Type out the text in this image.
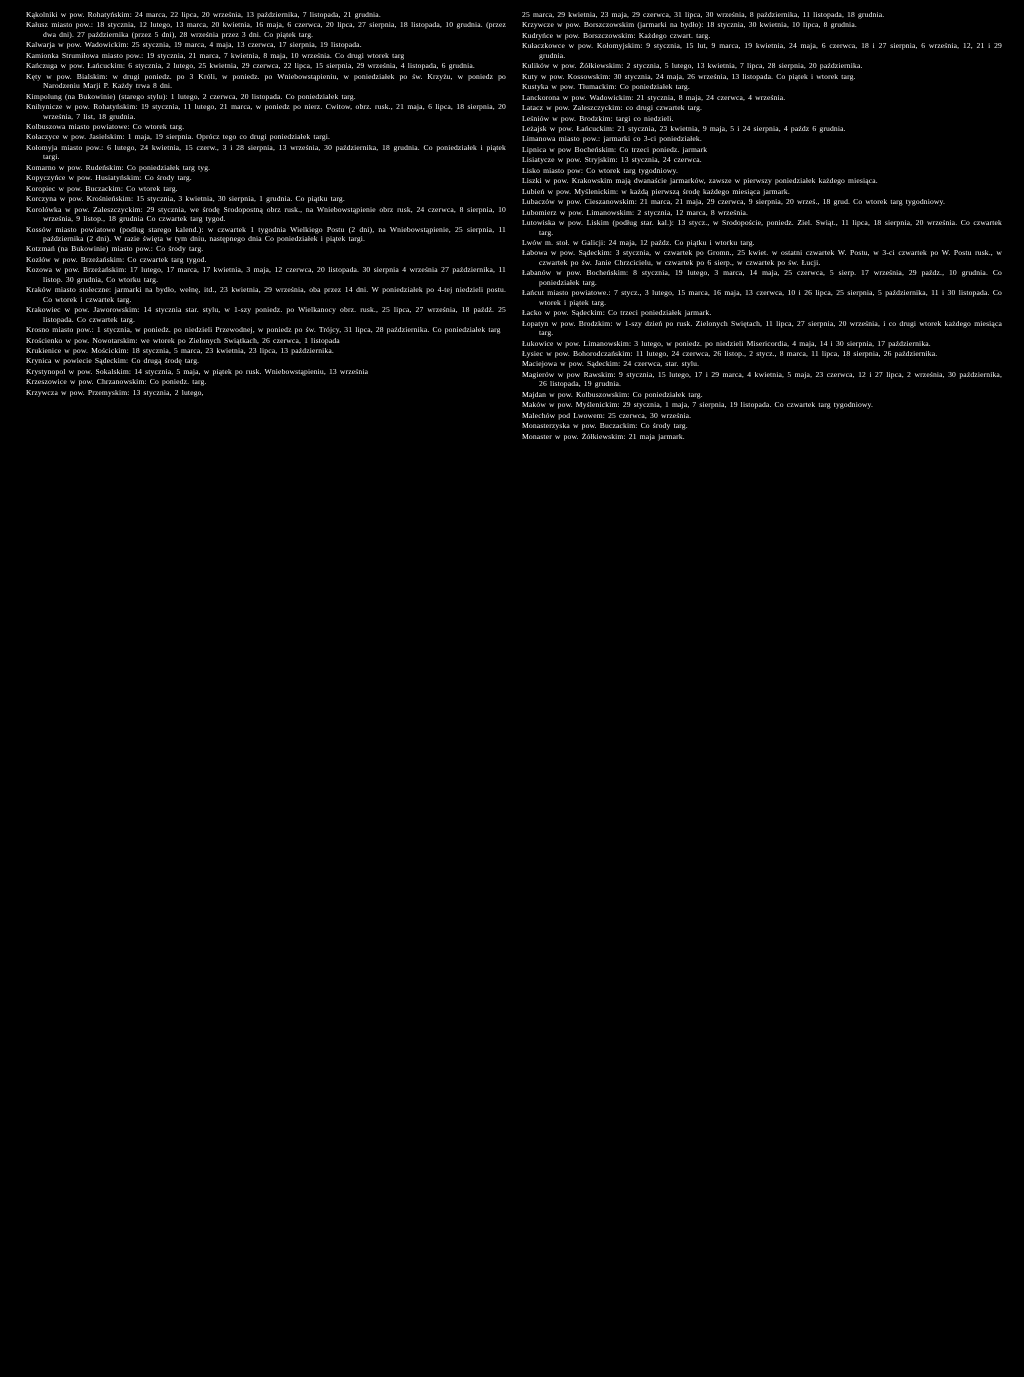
Kąkolniki w pow. Rohatyńskim: 24 marca, 22 lipca, 20 września, 13 października, 7 listopada, 21 grudnia.

Kałusz miasto pow.: 18 stycznia, 12 lutego, 13 marca, 20 kwietnia, 16 maja, 6 czerwca, 20 lipca, 27 sierpnia, 18 listopada, 10 grudnia. (przez dwa dni). 27 października (przez 5 dni), 28 września przez 3 dni. Co piątek targ.

Kalwarja w pow. Wadowickim: 25 stycznia, 19 marca, 4 maja, 13 czerwca, 17 sierpnia, 19 listopada.

Kamionka Strumiłowa miasto pow.: 19 stycznia, 21 marca, 7 kwietnia, 8 maja, 10 września. Co drugi wtorek targ

Kańczuga w pow. Łańcuckim: 6 stycznia, 2 lutego, 25 kwietnia, 29 czerwca, 22 lipca, 15 sierpnia, 29 września, 4 listopada, 6 grudnia.

Kęty w pow. Bialskim: w drugi poniedz. po 3 Króli, w poniedz. po Wniebowstąpieniu, w poniedziałek po św. Krzyżu, w poniedz po Narodzeniu Marji P. Każdy trwa 8 dni.

Kimpolung (na Bukowinie) (starego stylu): 1 lutego, 2 czerwca, 20 listopada. Co poniedziałek targ.

Knihynicze w pow. Rohatyńskim: 19 stycznia, 11 lutego, 21 marca, w poniedz po nierz. Cwitow, obrz. rusk., 21 maja, 6 lipca, 18 sierpnia, 20 września, 7 list, 18 grudnia.

Kolbuszowa miasto powiatowe: Co wtorek targ.

Kołaczyce w pow. Jasielskim: 1 maja, 19 sierpnia. Oprócz tego co drugi poniedziałek targi.

Kołomyja miasto pow.: 6 lutego, 24 kwietnia, 15 czerw., 3 i 28 sierpnia, 13 września, 30 października, 18 grudnia. Co poniedziałek i piątek targi.

Komarno w pow. Rudeńskim: Co poniedziałek targ tyg.

Kopyczyńce w pow. Husiatyńskim: Co środy targ.

Koropiec w pow. Buczackim: Co wtorek targ.

Korczyna w pow. Krośnieńskim: 15 stycznia, 3 kwietnia, 30 sierpnia, 1 grudnia. Co piątku targ.

Korolówka w pow. Zaleszczyckim: 29 stycznia, we środę Srodopostną obrz rusk., na Wniebowstąpienie obrz rusk, 24 czerwca, 8 sierpnia, 10 września, 9 listop., 18 grudnia Co czwartek targ tygod.

Kossów miasto powiatowe (podług starego kalend.): w czwartek 1 tygodnia Wielkiego Postu (2 dni), na Wniebowstąpienie, 25 sierpnia, 11 października (2 dni). W razie święta w tym dniu, następnego dnia Co poniedziałek i piątek targi.

Kotzmań (na Bukowinie) miasto pow.: Co środy targ.

Kozłów w pow. Brzeżańskim: Co czwartek targ tygod.

Kozowa w pow. Brzeżańskim: 17 lutego, 17 marca, 17 kwietnia, 3 maja, 12 czerwca, 20 listopada. 30 sierpnia 4 września 27 października, 11 listop. 30 grudnia, Co wtorku targ.

Kraków miasto stołeczne: jarmarki na bydło, wełnę, itd., 23 kwietnia, 29 września, oba przez 14 dni. W poniedziałek po 4-tej niedzieli postu. Co wtorek i czwartek targ.

Krakowiec w pow. Jaworowskim: 14 stycznia star. stylu, w 1-szy poniedz. po Wielkanocy obrz. rusk., 25 lipca, 27 września, 18 paźdź. 25 listopada. Co czwartek targ.

Krosno miasto pow.: 1 stycznia, w poniedz. po niedzieli Przewodnej, w poniedz po św. Trójcy, 31 lipca, 28 października. Co poniedziałek targ

Krościenko w pow. Nowotarskim: we wtorek po Zielonych Swiątkach, 26 czerwca, 1 listopada

Krukienice w pow. Mościckim: 18 stycznia, 5 marca, 23 kwietnia, 23 lipca, 13 października.

Krynica w powiecie Sądeckim: Co drugą środę targ.

Krystynopol w pow. Sokalskim: 14 stycznia, 5 maja, w piątek po rusk. Wniebowstąpieniu, 13 września

Krzeszowice w pow. Chrzanowskim: Co poniedz. targ.

Krzywcza w pow. Przemyskim: 13 stycznia, 2 lutego,

25 marca, 29 kwietnia, 23 maja, 29 czerwca, 31 lipca, 30 września, 8 października, 11 listopada, 18 grudnia.

Krzywcze w pow. Borszczowskim (jarmarki na bydło): 18 stycznia, 30 kwietnia, 10 lipca, 8 grudnia.

Kudryńce w pow. Borszczowskim: Każdego czwart. targ.

Kułaczkowce w pow. Kołomyjskim: 9 stycznia, 15 lut, 9 marca, 19 kwietnia, 24 maja, 6 czerwca, 18 i 27 sierpnia, 6 września, 12, 21 i 29 grudnia.

Kulików w pow. Żółkiewskim: 2 stycznia, 5 lutego, 13 kwietnia, 7 lipca, 28 sierpnia, 20 października.

Kuty w pow. Kossowskim: 30 stycznia, 24 maja, 26 września, 13 listopada. Co piątek i wtorek targ.

Kustyka w pow. Tłumackim: Co poniedziałek targ.

Lanckorona w pow. Wadowickim: 21 stycznia, 8 maja, 24 czerwca, 4 września.

Latacz w pow. Zaleszczyckim: co drugi czwartek targ.

Leśniów w pow. Brodzkim: targi co niedzieli.

Leżajsk w pow. Łańcuckim: 21 stycznia, 23 kwietnia, 9 maja, 5 i 24 sierpnia, 4 paźdz 6 grudnia.

Limanowa miasto pow.: jarmarki co 3-ci poniedziałek.

Lipnica w pow Bocheńskim: Co trzeci poniedz. jarmark

Lisiatycze w pow. Stryjskim: 13 stycznia, 24 czerwca.

Lisko miasto pow: Co wtorek targ tygodniowy.

Liszki w pow. Krakowskim mają dwanaście jarmarków, zawsze w pierwszy poniedziałek każdego miesiąca.

Lubień w pow. Myślenickim: w każdą pierwszą środę każdego miesiąca jarmark.

Lubaczów w pow. Cieszanowskim: 21 marca, 21 maja, 29 czerwca, 9 sierpnia, 20 wrześ., 18 grud. Co wtorek targ tygodniowy.

Lubomierz w pow. Limanowskim: 2 stycznia, 12 marca, 8 września.

Lutowiska w pow. Liskim (podług star. kal.): 13 stycz., w Srodopoście, poniedz. Ziel. Swiąt., 11 lipca, 18 sierpnia, 20 września. Co czwartek targ.

Lwów m. stoł. w Galicji: 24 maja, 12 paźdz. Co piątku i wtorku targ.

Łabowa w pow. Sądeckim: 3 stycznia, w czwartek po Gromn., 25 kwiet. w ostatni czwartek W. Postu, w 3-ci czwartek po W. Postu rusk., w czwartek po św. Janie Chrzcicielu, w czwartek po 6 sierp., w czwartek po św. Łucji.

Łabanów w pow. Bocheńskim: 8 stycznia, 19 lutego, 3 marca, 14 maja, 25 czerwca, 5 sierp. 17 września, 29 paźdz., 10 grudnia. Co poniedziałek targ.

Łańcut miasto powiatowe.: 7 stycz., 3 lutego, 15 marca, 16 maja, 13 czerwca, 10 i 26 lipca, 25 sierpnia, 5 października, 11 i 30 listopada. Co wtorek i piątek targ.

Łacko w pow. Sądeckim: Co trzeci poniedziałek jarmark.

Łopatyn w pow. Brodzkim: w 1-szy dzień po rusk. Zielonych Swiętach, 11 lipca, 27 sierpnia, 20 września, i co drugi wtorek każdego miesiąca targ.

Łukowice w pow. Limanowskim: 3 lutego, w poniedz. po niedzieli Misericordia, 4 maja, 14 i 30 sierpnia, 17 października.

Łysiec w pow. Bohorodczańskim: 11 lutego, 24 czerwca, 26 listop., 2 stycz., 8 marca, 11 lipca, 18 sierpnia, 26 października.

Maciejowa w pow. Sądeckim: 24 czerwca, star. stylu.

Magierów w pow Rawskim: 9 stycznia, 15 lutego, 17 i 29 marca, 4 kwietnia, 5 maja, 23 czerwca, 12 i 27 lipca, 2 września, 30 października, 26 listopada, 19 grudnia.

Majdan w pow. Kolbuszowskim: Co poniedziałek targ.

Maków w pow. Myślenickim: 29 stycznia, 1 maja, 7 sierpnia, 19 listopada. Co czwartek targ tygodniowy.

Malechów pod Lwowem: 25 czerwca, 30 września.

Monasterzyska w pow. Buczackim: Co środy targ.

Monaster w pow. Żółkiewskim: 21 maja jarmark.
